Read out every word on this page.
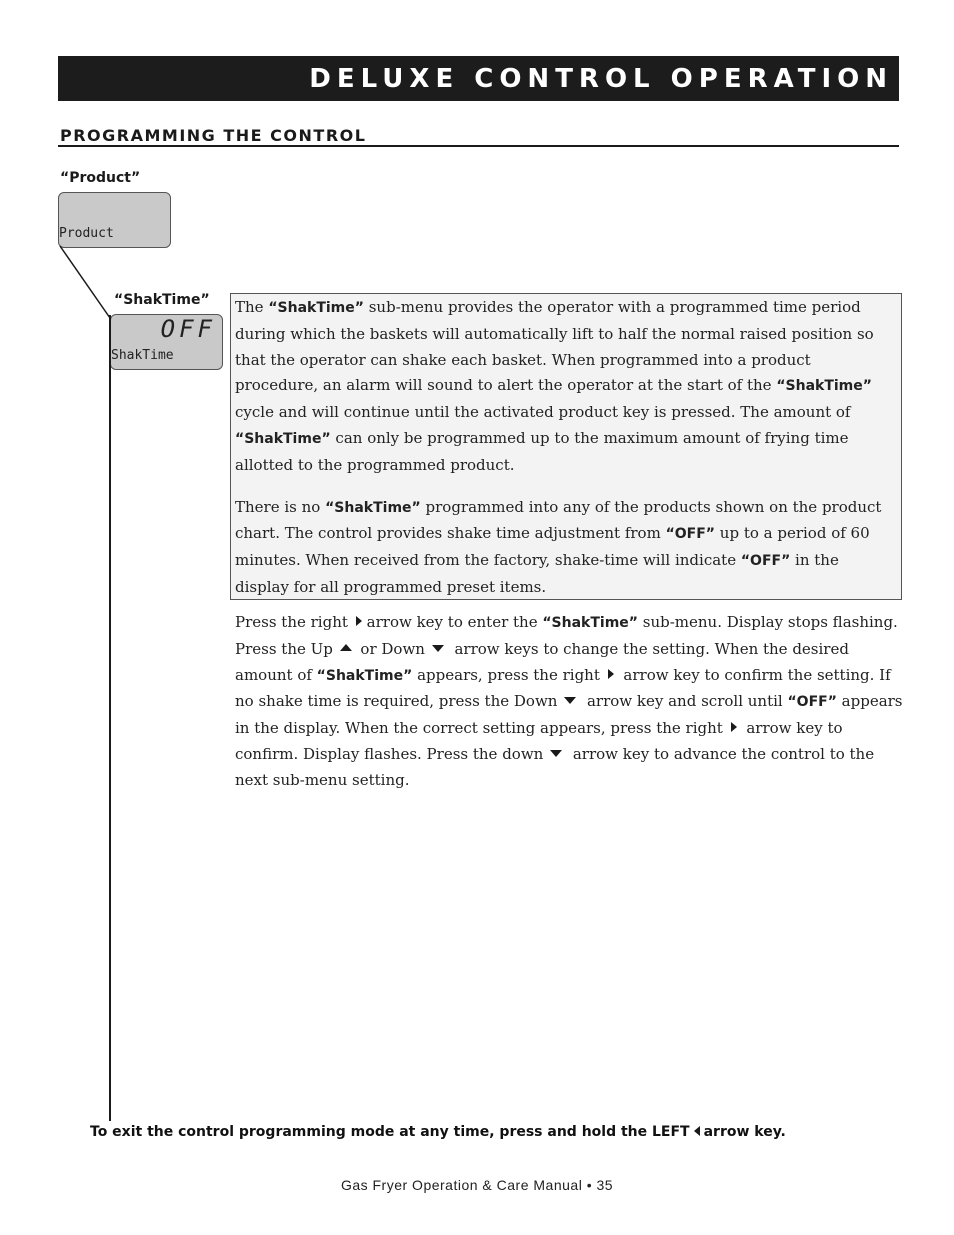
DELUXE CONTROL OPERATION
PROGRAMMING THE CONTROL
“Product”
Product
“ShakTime”
OFF
ShakTime

The “ShakTime” sub-menu provides the operator with a programmed time period during which the baskets will automatically lift to half the normal raised position so that the operator can shake each basket. When programmed into a product procedure, an alarm will sound to alert the operator at the start of the “ShakTime” cycle and will continue until the activated product key is pressed. The amount of “ShakTime” can only be programmed up to the maximum amount of frying time allotted to the programmed product.

There is no “ShakTime” programmed into any of the products shown on the product chart. The control provides shake time adjustment from “OFF” up to a period of 60 minutes. When received from the factory, shake-time will indicate “OFF” in the display for all programmed preset items.

Press the right arrow key to enter the “ShakTime” sub-menu. Display stops flashing. Press the Up  or Down  arrow keys to change the setting. When the desired amount of “ShakTime” appears, press the right  arrow key to confirm the setting. If no shake time is required, press the Down  arrow key and scroll until “OFF” appears in the display. When the correct setting appears, press the right  arrow key to confirm. Display flashes. Press the down  arrow key to advance the control to the next sub-menu setting.

To exit the control programming mode at any time, press and hold the LEFT arrow key.
Gas Fryer Operation & Care Manual • 35
